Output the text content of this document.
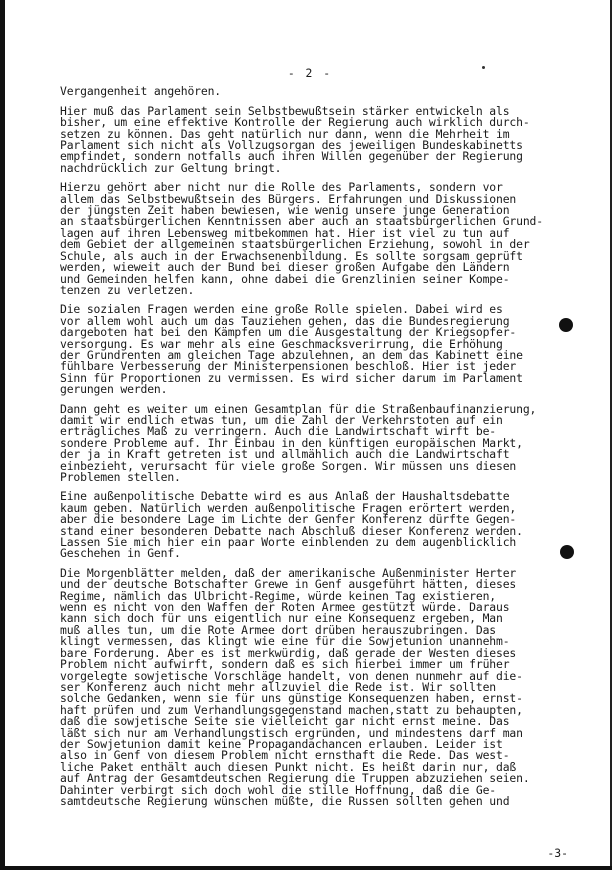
- 2 -
Vergangenheit angehören.
Hier muß das Parlament sein Selbstbewußtsein stärker entwickeln als
bisher, um eine effektive Kontrolle der Regierung auch wirklich durch-
setzen zu können. Das geht natürlich nur dann, wenn die Mehrheit im
Parlament sich nicht als Vollzugsorgan des jeweiligen Bundeskabinetts
empfindet, sondern notfalls auch ihren Willen gegenüber der Regierung
nachdrücklich zur Geltung bringt.
Hierzu gehört aber nicht nur die Rolle des Parlaments, sondern vor
allem das Selbstbewußtsein des Bürgers. Erfahrungen und Diskussionen
der jüngsten Zeit haben bewiesen, wie wenig unsere junge Generation
an staatsbürgerlichen Kenntnissen aber auch an staatsbürgerlichen Grund-
lagen auf ihren Lebensweg mitbekommen hat. Hier ist viel zu tun auf
dem Gebiet der allgemeinen staatsbürgerlichen Erziehung, sowohl in der
Schule, als auch in der Erwachsenenbildung. Es sollte sorgsam geprüft
werden, wieweit auch der Bund bei dieser großen Aufgabe den Ländern
und Gemeinden helfen kann, ohne dabei die Grenzlinien seiner Kompe-
tenzen zu verletzen.
Die sozialen Fragen werden eine große Rolle spielen. Dabei wird es
vor allem wohl auch um das Tauziehen gehen, das die Bundesregierung
dargeboten hat bei den Kämpfen um die Ausgestaltung der Kriegsopfer-
versorgung. Es war mehr als eine Geschmacksverirrung, die Erhöhung
der Grundrenten am gleichen Tage abzulehnen, an dem das Kabinett eine
fühlbare Verbesserung der Ministerpensionen beschloß. Hier ist jeder
Sinn für Proportionen zu vermissen. Es wird sicher darum im Parlament
gerungen werden.
Dann geht es weiter um einen Gesamtplan für die Straßenbaufinanzierung,
damit wir endlich etwas tun, um die Zahl der Verkehrstoten auf ein
erträgliches Maß zu verringern. Auch die Landwirtschaft wirft be-
sondere Probleme auf. Ihr Einbau in den künftigen europäischen Markt,
der ja in Kraft getreten ist und allmählich auch die Landwirtschaft
einbezieht, verursacht für viele große Sorgen. Wir müssen uns diesen
Problemen stellen.
Eine außenpolitische Debatte wird es aus Anlaß der Haushaltsdebatte
kaum geben. Natürlich werden außenpolitische Fragen erörtert werden,
aber die besondere Lage im Lichte der Genfer Konferenz dürfte Gegen-
stand einer besonderen Debatte nach Abschluß dieser Konferenz werden.
Lassen Sie mich hier ein paar Worte einblenden zu dem augenblicklich
Geschehen in Genf.
Die Morgenblätter melden, daß der amerikanische Außenminister Herter
und der deutsche Botschafter Grewe in Genf ausgeführt hätten, dieses
Regime, nämlich das Ulbricht-Regime, würde keinen Tag existieren,
wenn es nicht von den Waffen der Roten Armee gestützt würde. Daraus
kann sich doch für uns eigentlich nur eine Konsequenz ergeben, Man
muß alles tun, um die Rote Armee dort drüben herauszubringen. Das
klingt vermessen, das klingt wie eine für die Sowjetunion unannehm-
bare Forderung. Aber es ist merkwürdig, daß gerade der Westen dieses
Problem nicht aufwirft, sondern daß es sich hierbei immer um früher
vorgelegte sowjetische Vorschläge handelt, von denen nunmehr auf die-
ser Konferenz auch nicht mehr allzuviel die Rede ist. Wir sollten
solche Gedanken, wenn sie für uns günstige Konsequenzen haben, ernst-
haft prüfen und zum Verhandlungsgegenstand machen,statt zu behaupten,
daß die sowjetische Seite sie vielleicht gar nicht ernst meine. Das
läßt sich nur am Verhandlungstisch ergründen, und mindestens darf man
der Sowjetunion damit keine Propagandachancen erlauben. Leider ist
also in Genf von diesem Problem nicht ernsthaft die Rede. Das west-
liche Paket enthält auch diesen Punkt nicht. Es heißt darin nur, daß
auf Antrag der Gesamtdeutschen Regierung die Truppen abzuziehen seien.
Dahinter verbirgt sich doch wohl die stille Hoffnung, daß die Ge-
samtdeutsche Regierung wünschen müßte, die Russen sollten gehen und
-3-
